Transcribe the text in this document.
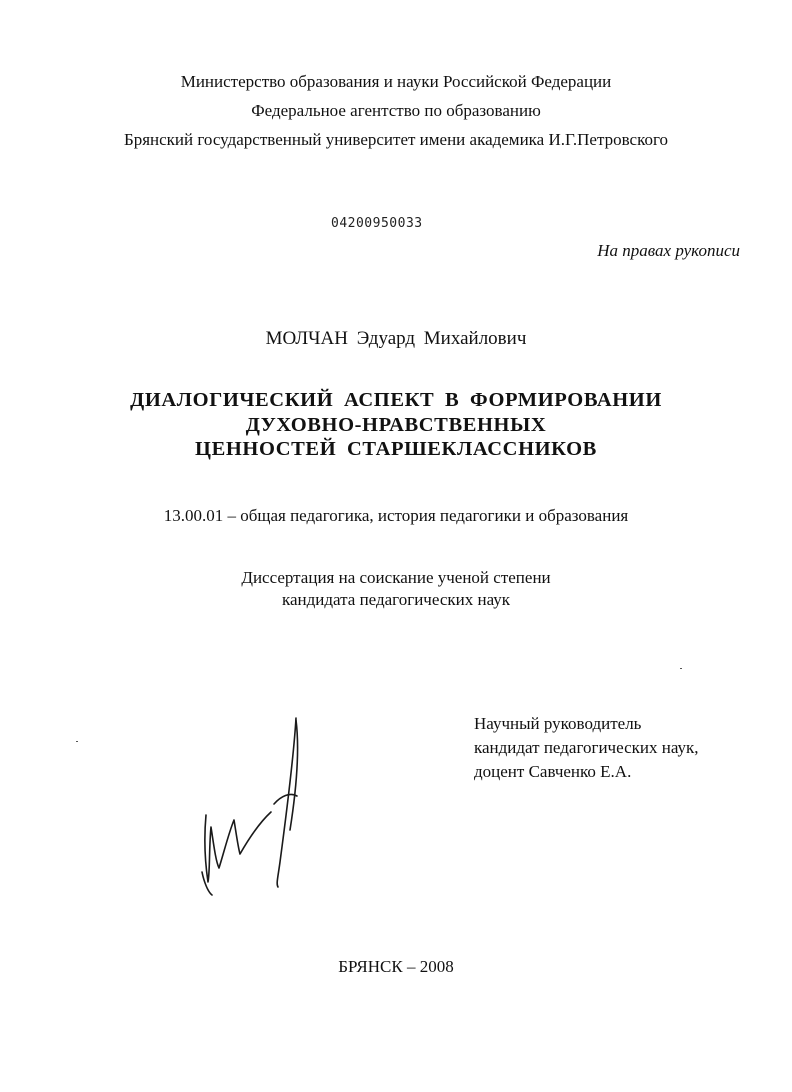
Министерство образования и науки Российской Федерации
Федеральное агентство по образованию
Брянский государственный университет имени академика И.Г.Петровского
04200950033
На правах рукописи
МОЛЧАН Эдуард Михайлович
ДИАЛОГИЧЕСКИЙ АСПЕКТ В ФОРМИРОВАНИИ
ДУХОВНО-НРАВСТВЕННЫХ
ЦЕННОСТЕЙ СТАРШЕКЛАССНИКОВ
13.00.01 – общая педагогика, история педагогики и образования
Диссертация на соискание ученой степени
кандидата педагогических наук
Научный руководитель
кандидат педагогических наук,
доцент Савченко Е.А.
БРЯНСК – 2008
